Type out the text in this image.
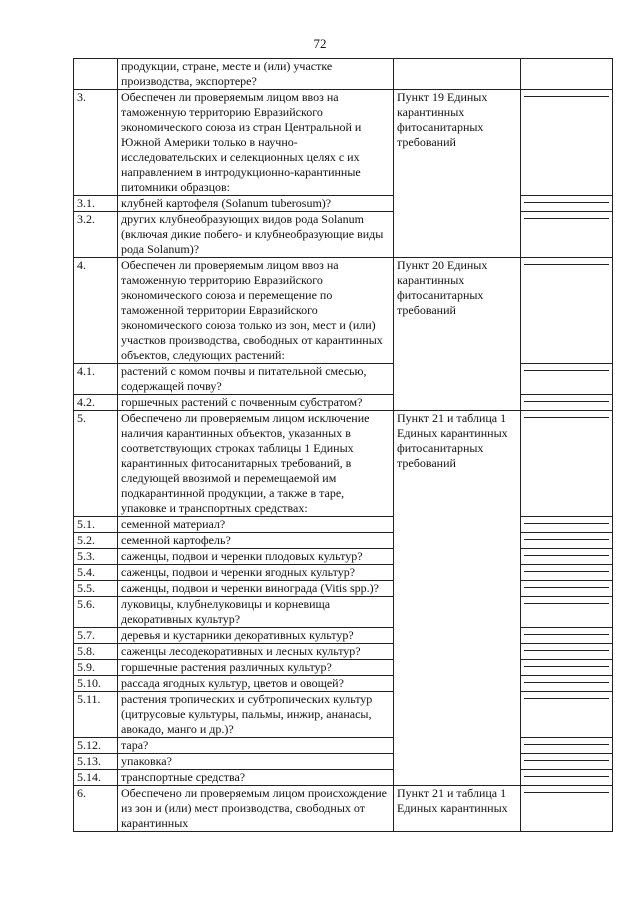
72
	продукции, стране, месте и (или) участке производства, экспортере?		
3.	Обеспечен ли проверяемым лицом ввоз на таможенную территорию Евразийского экономического союза из стран Центральной и Южной Америки только в научно-исследовательских и селекционных целях с их направлением в интродукционно-карантинные питомники образцов:	Пункт 19 Единых карантинных фитосанитарных требований	

3.1.	клубней картофеля (Solanum tuberosum)?		

3.2.	других клубнеобразующих видов рода Solanum (включая дикие побего- и клубнеобразующие виды рода Solanum)?		

4.	Обеспечен ли проверяемым лицом ввоз на таможенную территорию Евразийского экономического союза и перемещение по таможенной территории Евразийского экономического союза только из зон, мест и (или) участков производства, свободных от карантинных объектов, следующих растений:	Пункт 20 Единых карантинных фитосанитарных требований	

4.1.	растений с комом почвы и питательной смесью, содержащей почву?		

4.2.	горшечных растений с почвенным субстратом?		

5.	Обеспечено ли проверяемым лицом исключение наличия карантинных объектов, указанных в соответствующих строках таблицы 1 Единых карантинных фитосанитарных требований, в следующей ввозимой и перемещаемой им подкарантинной продукции, а также в таре, упаковке и транспортных средствах:	Пункт 21 и таблица 1 Единых карантинных фитосанитарных требований	

5.1.	семенной материал?		

5.2.	семенной картофель?		

5.3.	саженцы, подвои и черенки плодовых культур?		

5.4.	саженцы, подвои и черенки ягодных культур?		

5.5.	саженцы, подвои и черенки винограда (Vitis spp.)?		

5.6.	луковицы, клубнелуковицы и корневища декоративных культур?		

5.7.	деревья и кустарники декоративных культур?		

5.8.	саженцы лесодекоративных и лесных культур?		

5.9.	горшечные растения различных культур?		

5.10.	рассада ягодных культур, цветов и овощей?		

5.11.	растения тропических и субтропических культур (цитрусовые культуры, пальмы, инжир, ананасы, авокадо, манго и др.)?		

5.12.	тара?		

5.13.	упаковка?		

5.14.	транспортные средства?		

6.	Обеспечено ли проверяемым лицом происхождение из зон и (или) мест производства, свободных от карантинных	Пункт 21 и таблица 1 Единых карантинных	
